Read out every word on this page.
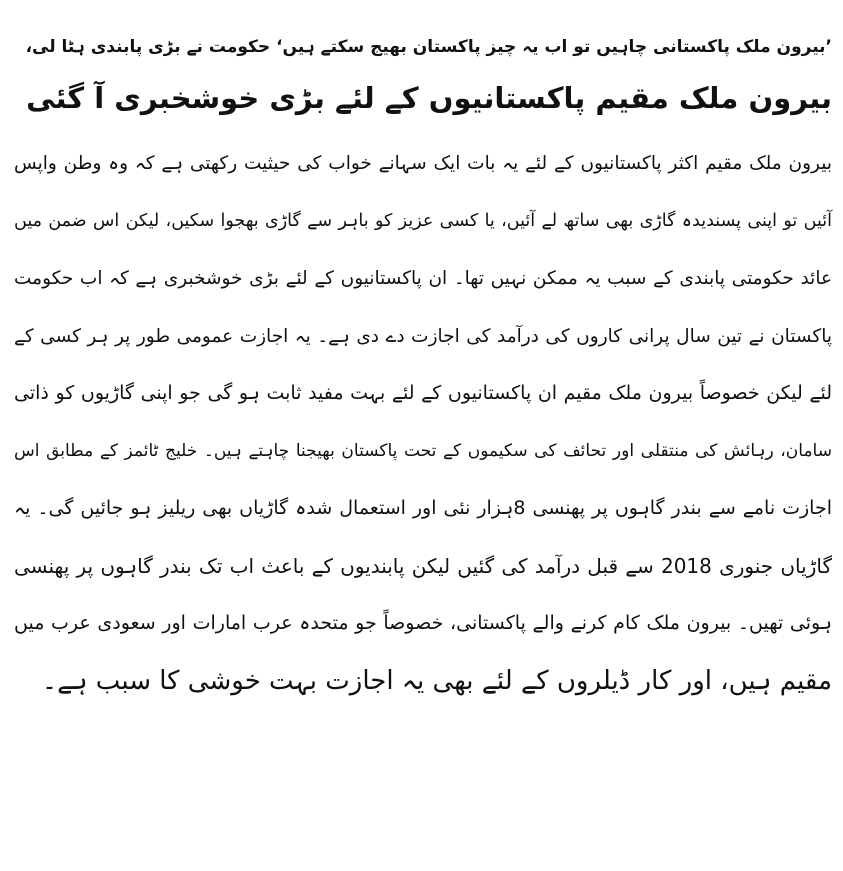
’بیرون ملک پاکستانی چاہیں تو اب یہ چیز پاکستان بھیج سکتے ہیں‘ حکومت نے بڑی پابندی ہٹا لی،
بیرون ملک مقیم پاکستانیوں کے لئے بڑی خوشخبری آ گئی
بیرون ملک مقیم اکثر پاکستانیوں کے لئے یہ بات ایک سہانے خواب کی حیثیت رکھتی ہے کہ وہ وطن واپس
آئیں تو اپنی پسندیدہ گاڑی بھی ساتھ لے آئیں، یا کسی عزیز کو باہر سے گاڑی بھجوا سکیں، لیکن اس ضمن میں
عائد حکومتی پابندی کے سبب یہ ممکن نہیں تھا۔ ان پاکستانیوں کے لئے بڑی خوشخبری ہے کہ اب حکومت
پاکستان نے تین سال پرانی کاروں کی درآمد کی اجازت دے دی ہے۔ یہ اجازت عمومی طور پر ہر کسی کے
لئے لیکن خصوصاً بیرون ملک مقیم ان پاکستانیوں کے لئے بہت مفید ثابت ہو گی جو اپنی گاڑیوں کو ذاتی
سامان، رہائش کی منتقلی اور تحائف کی سکیموں کے تحت پاکستان بھیجنا چاہتے ہیں۔ خلیج ٹائمز کے مطابق اس
اجازت نامے سے بندر گاہوں پر پھنسی 8ہزار نئی اور استعمال شدہ گاڑیاں بھی ریلیز ہو جائیں گی۔ یہ
گاڑیاں جنوری 2018 سے قبل درآمد کی گئیں لیکن پابندیوں کے باعث اب تک بندر گاہوں پر پھنسی
ہوئی تھیں۔ بیرون ملک کام کرنے والے پاکستانی، خصوصاً جو متحدہ عرب امارات اور سعودی عرب میں
مقیم ہیں، اور کار ڈیلروں کے لئے بھی یہ اجازت بہت خوشی کا سبب ہے۔
